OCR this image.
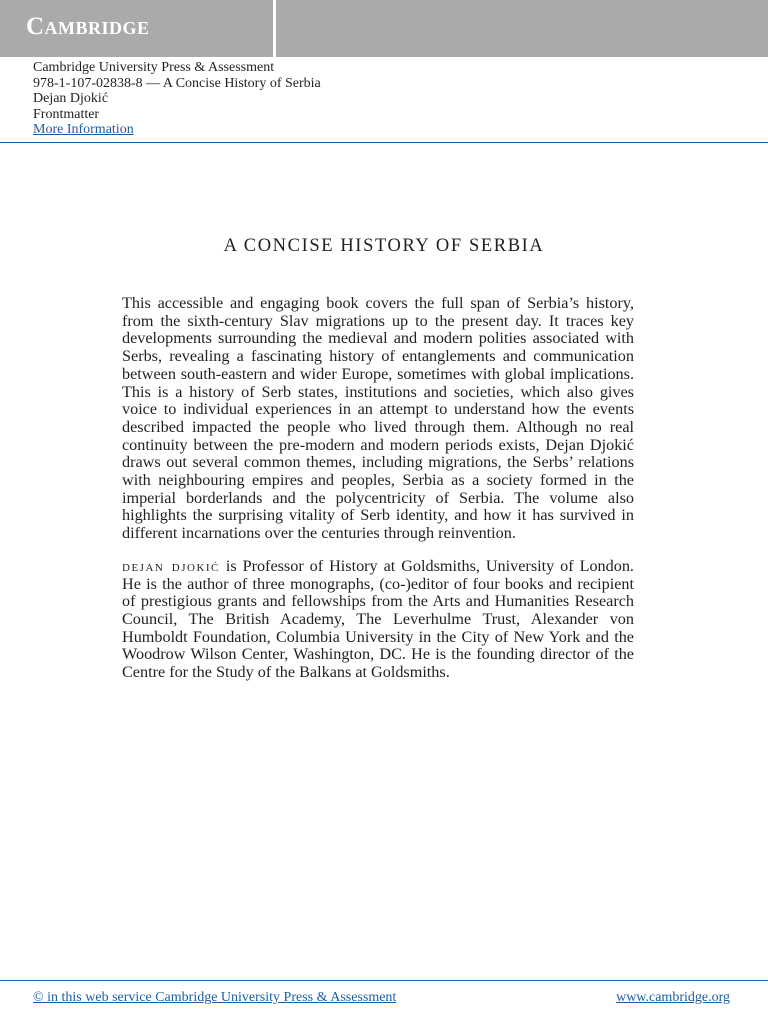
Cambridge
Cambridge University Press & Assessment
978-1-107-02838-8 — A Concise History of Serbia
Dejan Djokić
Frontmatter
More Information
A CONCISE HISTORY OF SERBIA

This accessible and engaging book covers the full span of Serbia’s history, from the sixth-century Slav migrations up to the present day. It traces key developments surrounding the medieval and modern polities associated with Serbs, revealing a fascinating history of entanglements and communication between south-eastern and wider Europe, sometimes with global implications. This is a history of Serb states, institutions and societies, which also gives voice to individual experiences in an attempt to understand how the events described impacted the people who lived through them. Although no real continuity between the pre-modern and modern periods exists, Dejan Djokić draws out several common themes, including migrations, the Serbs’ relations with neighbouring empires and peoples, Serbia as a society formed in the imperial borderlands and the polycentricity of Serbia. The volume also highlights the surprising vitality of Serb identity, and how it has survived in different incarnations over the centuries through reinvention.

dejan djokić is Professor of History at Goldsmiths, University of London. He is the author of three monographs, (co-)editor of four books and recipient of prestigious grants and fellowships from the Arts and Humanities Research Council, The British Academy, The Leverhulme Trust, Alexander von Humboldt Foundation, Columbia University in the City of New York and the Woodrow Wilson Center, Washington, DC. He is the founding director of the Centre for the Study of the Balkans at Goldsmiths.

© in this web service Cambridge University Press & Assessment	www.cambridge.org
